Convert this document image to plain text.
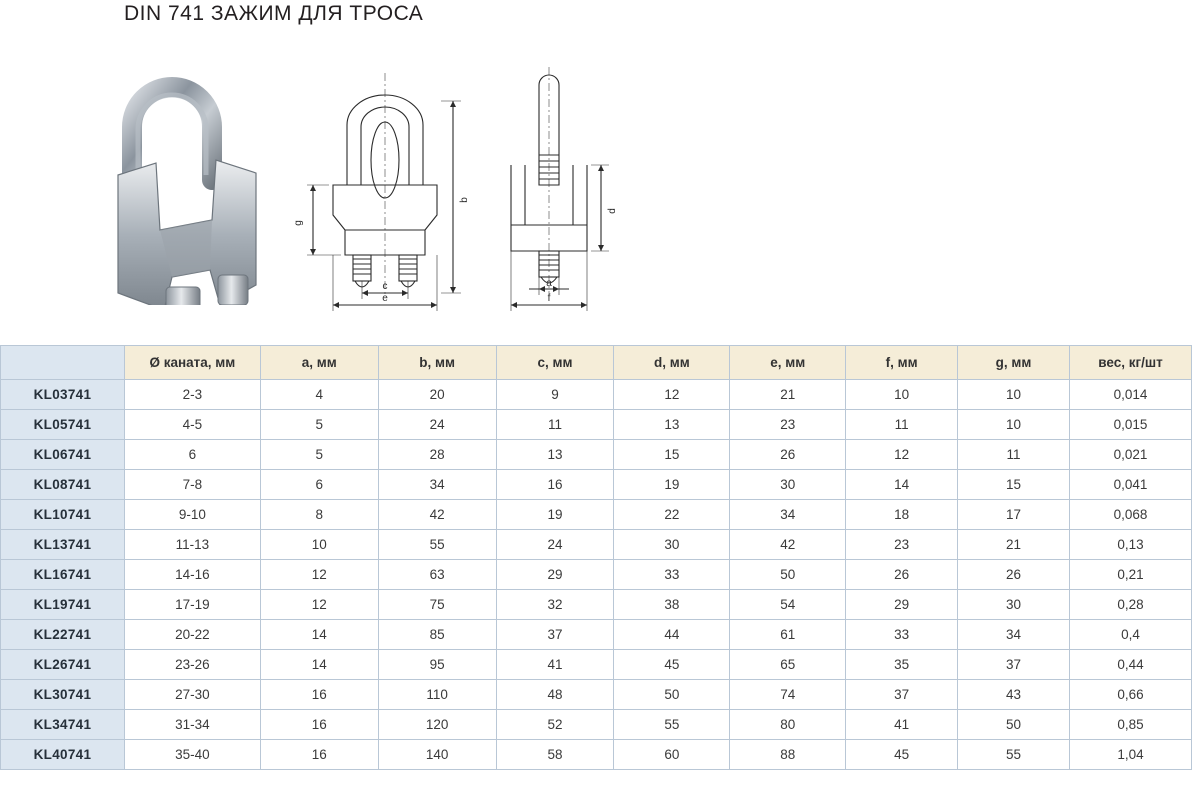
DIN 741 ЗАЖИМ ДЛЯ ТРОСА
g
b
c
e
d
a
f
	Ø каната, мм	a, мм	b, мм	c, мм	d, мм	e, мм	f, мм	g, мм	вес, кг/шт
KL03741	2-3	4	20	9	12	21	10	10	0,014
KL05741	4-5	5	24	11	13	23	11	10	0,015
KL06741	6	5	28	13	15	26	12	11	0,021
KL08741	7-8	6	34	16	19	30	14	15	0,041
KL10741	9-10	8	42	19	22	34	18	17	0,068
KL13741	11-13	10	55	24	30	42	23	21	0,13
KL16741	14-16	12	63	29	33	50	26	26	0,21
KL19741	17-19	12	75	32	38	54	29	30	0,28
KL22741	20-22	14	85	37	44	61	33	34	0,4
KL26741	23-26	14	95	41	45	65	35	37	0,44
KL30741	27-30	16	110	48	50	74	37	43	0,66
KL34741	31-34	16	120	52	55	80	41	50	0,85
KL40741	35-40	16	140	58	60	88	45	55	1,04
